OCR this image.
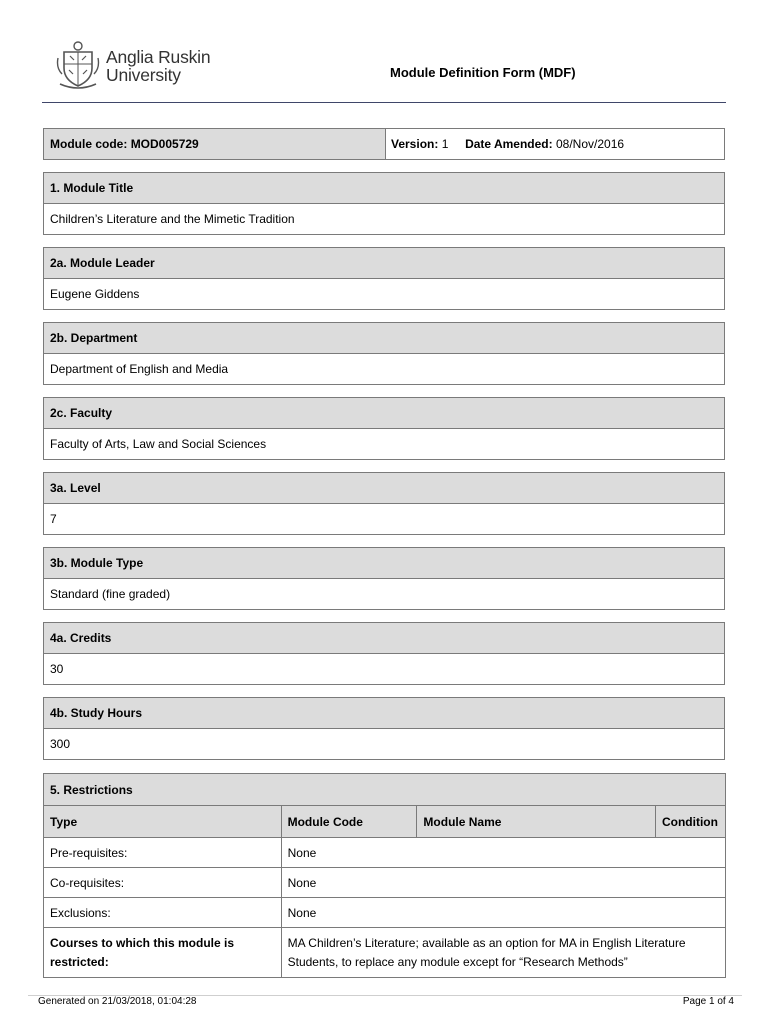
Anglia Ruskin
University	Module Definition Form (MDF)
Module code: MOD005729	Version: 1 Date Amended: 08/Nov/2016
1. Module Title
Children’s Literature and the Mimetic Tradition
2a. Module Leader
Eugene Giddens
2b. Department
Department of English and Media
2c. Faculty
Faculty of Arts, Law and Social Sciences
3a. Level
7
3b. Module Type
Standard (fine graded)
4a. Credits
30
4b. Study Hours
300
5. Restrictions			
Type	Module Code	Module Name	Condition
Pre-requisites:	None		
Co-requisites:	None		
Exclusions:	None		
Courses to which this module is restricted:	MA Children’s Literature; available as an option for MA in English Literature Students, to replace any module except for “Research Methods”		
Generated on 21/03/2018, 01:04:28	Page 1 of 4
